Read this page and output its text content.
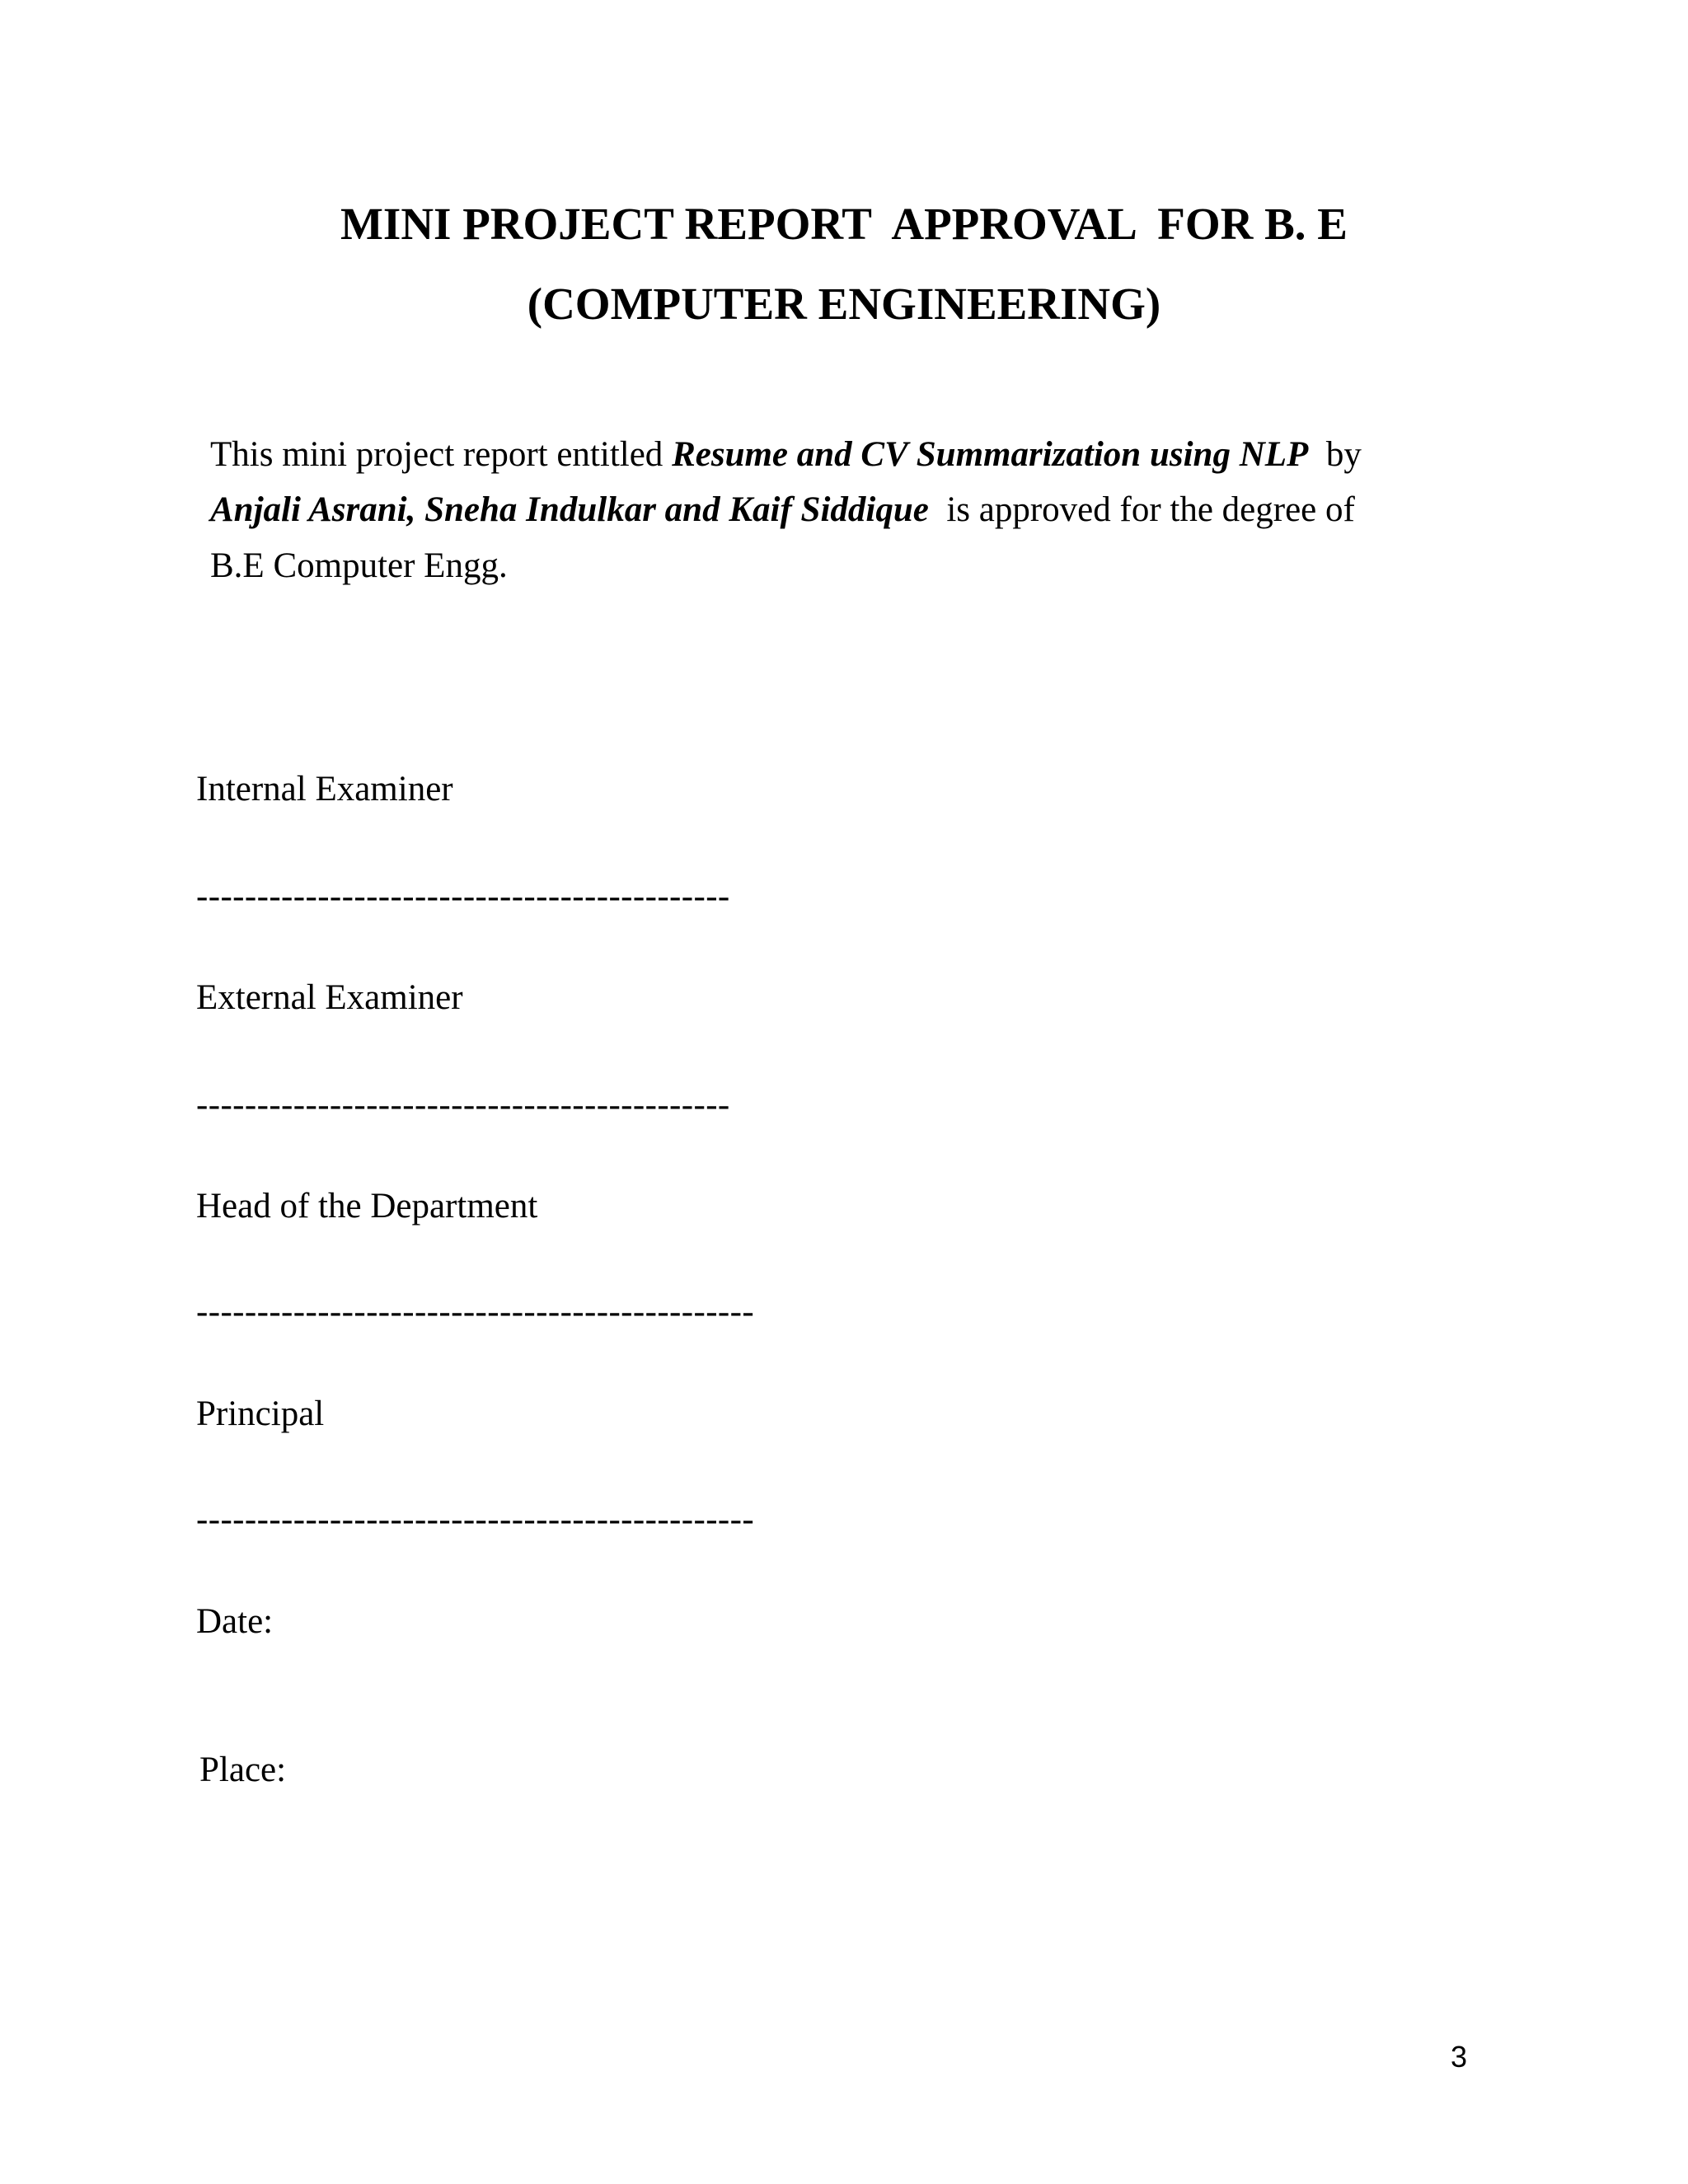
MINI PROJECT REPORT  APPROVAL  FOR B. E

(COMPUTER ENGINEERING)

This mini project report entitled Resume and CV Summarization using NLP  by

Anjali Asrani, Sneha Indulkar and Kaif Siddique  is approved for the degree of

B.E Computer Engg.

Internal Examiner

--------------------------------------------

External Examiner

--------------------------------------------

Head of the Department

----------------------------------------------

Principal

----------------------------------------------

Date:

Place:

3
